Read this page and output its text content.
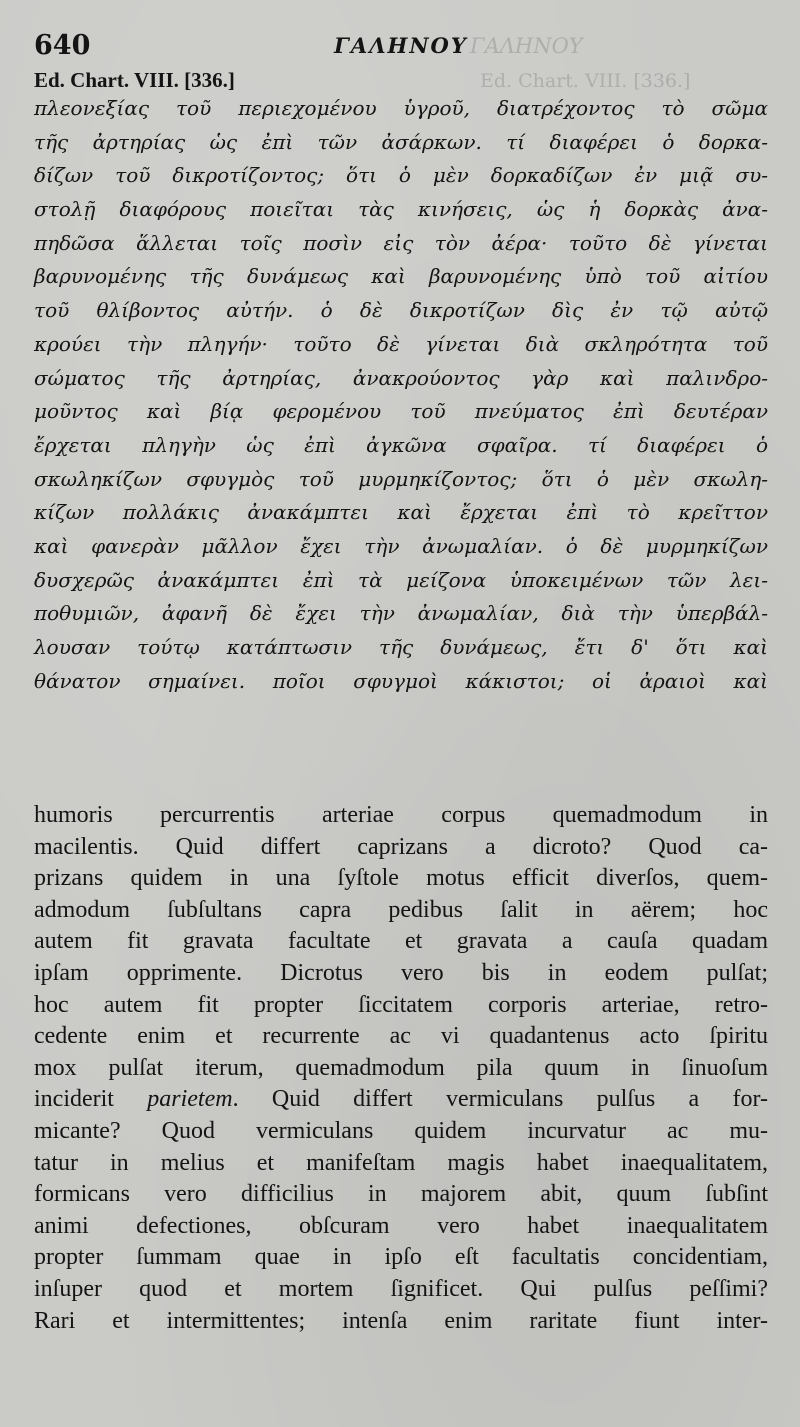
ΓΑΛΗΝΟΥ
Ed. Chart. VIII. [336.]
640	ΓΑΛΗΝΟΥ
Ed. Chart. VIII. [336.]
πλεονεξίας τοῦ περιεχομένου ὑγροῦ, διατρέχοντος τὸ σῶμα
τῆς ἀρτηρίας ὡς ἐπὶ τῶν ἀσάρκων. τί διαφέρει ὁ δορκα-
δίζων τοῦ δικροτίζοντος; ὅτι ὁ μὲν δορκαδίζων ἐν μιᾷ συ-
στολῇ διαφόρους ποιεῖται τὰς κινήσεις, ὡς ἡ δορκὰς ἀνα-
πηδῶσα ἅλλεται τοῖς ποσὶν εἰς τὸν ἀέρα· τοῦτο δὲ γίνεται
βαρυνομένης τῆς δυνάμεως καὶ βαρυνομένης ὑπὸ τοῦ αἰτίου
τοῦ θλίβοντος αὐτήν. ὁ δὲ δικροτίζων δὶς ἐν τῷ αὐτῷ
κρούει τὴν πληγήν· τοῦτο δὲ γίνεται διὰ σκληρότητα τοῦ
σώματος τῆς ἀρτηρίας, ἀνακρούοντος γὰρ καὶ παλινδρο-
μοῦντος καὶ βίᾳ φερομένου τοῦ πνεύματος ἐπὶ δευτέραν
ἔρχεται πληγὴν ὡς ἐπὶ ἀγκῶνα σφαῖρα. τί διαφέρει ὁ
σκωληκίζων σφυγμὸς τοῦ μυρμηκίζοντος; ὅτι ὁ μὲν σκωλη-
κίζων πολλάκις ἀνακάμπτει καὶ ἔρχεται ἐπὶ τὸ κρεῖττον
καὶ φανερὰν μᾶλλον ἔχει τὴν ἀνωμαλίαν. ὁ δὲ μυρμηκίζων
δυσχερῶς ἀνακάμπτει ἐπὶ τὰ μείζονα ὑποκειμένων τῶν λει-
ποθυμιῶν, ἀφανῆ δὲ ἔχει τὴν ἀνωμαλίαν, διὰ τὴν ὑπερβάλ-
λουσαν τούτῳ κατάπτωσιν τῆς δυνάμεως, ἔτι δ' ὅτι καὶ
θάνατον σημαίνει. ποῖοι σφυγμοὶ κάκιστοι; οἱ ἀραιοὶ καὶ
humoris percurrentis arteriae corpus quemadmodum in
macilentis. Quid differt caprizans a dicroto? Quod ca-
prizans quidem in una ſyſtole motus efficit diverſos, quem-
admodum ſubſultans capra pedibus ſalit in aërem; hoc
autem fit gravata facultate et gravata a cauſa quadam
ipſam opprimente. Dicrotus vero bis in eodem pulſat;
hoc autem fit propter ſiccitatem corporis arteriae, retro-
cedente enim et recurrente ac vi quadantenus acto ſpiritu
mox pulſat iterum, quemadmodum pila quum in ſinuoſum
inciderit parietem. Quid differt vermiculans pulſus a for-
micante? Quod vermiculans quidem incurvatur ac mu-
tatur in melius et manifeſtam magis habet inaequalitatem,
formicans vero difficilius in majorem abit, quum ſubſint
animi defectiones, obſcuram vero habet inaequalitatem
propter ſummam quae in ipſo eſt facultatis concidentiam,
inſuper quod et mortem ſignificet. Qui pulſus peſſimi?
Rari et intermittentes; intenſa enim raritate fiunt inter-
